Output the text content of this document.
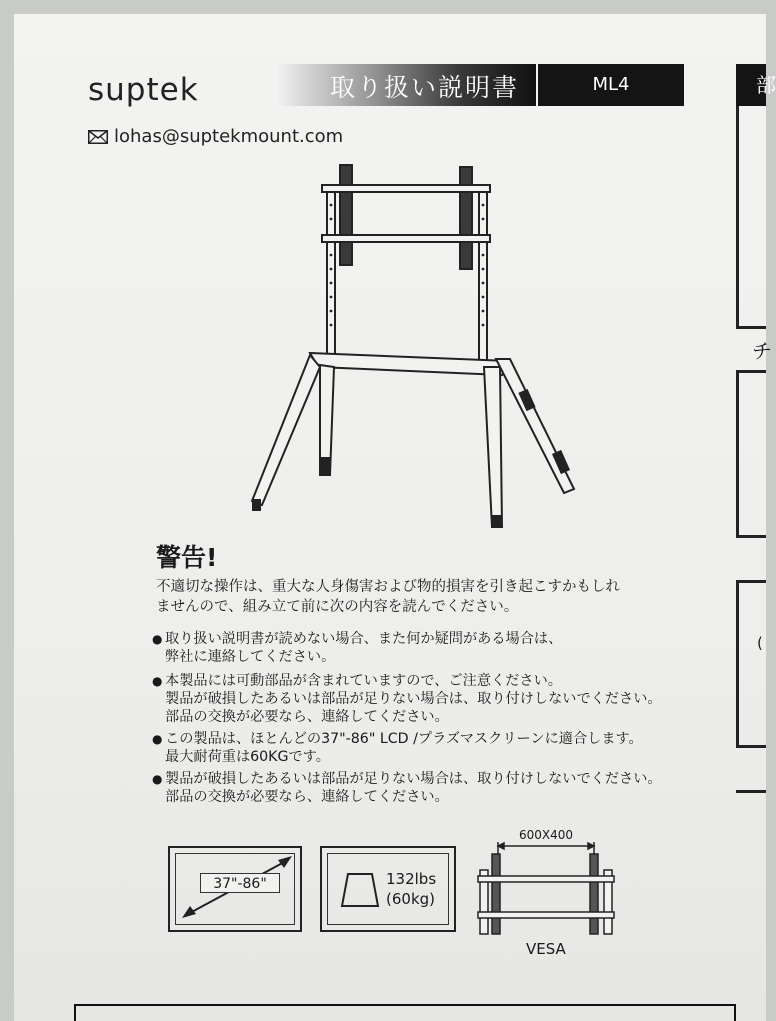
suptek	取り扱い説明書	ML4	部
チ
(
lohas@suptekmount.com
警告!
不適切な操作は、重大な人身傷害および物的損害を引き起こすかもしれ
ませんので、組み立て前に次の内容を読んでください。
● 取り扱い説明書が読めない場合、また何か疑問がある場合は、
弊社に連絡してください。
● 本製品には可動部品が含まれていますので、ご注意ください。
製品が破損したあるいは部品が足りない場合は、取り付けしないでください。
部品の交換が必要なら、連絡してください。
● この製品は、ほとんどの37"-86" LCD /プラズマスクリーンに適合します。
最大耐荷重は60KGです。
● 製品が破損したあるいは部品が足りない場合は、取り付けしないでください。
部品の交換が必要なら、連絡してください。
37"-86"	132lbs
(60kg)
600X400
VESA
